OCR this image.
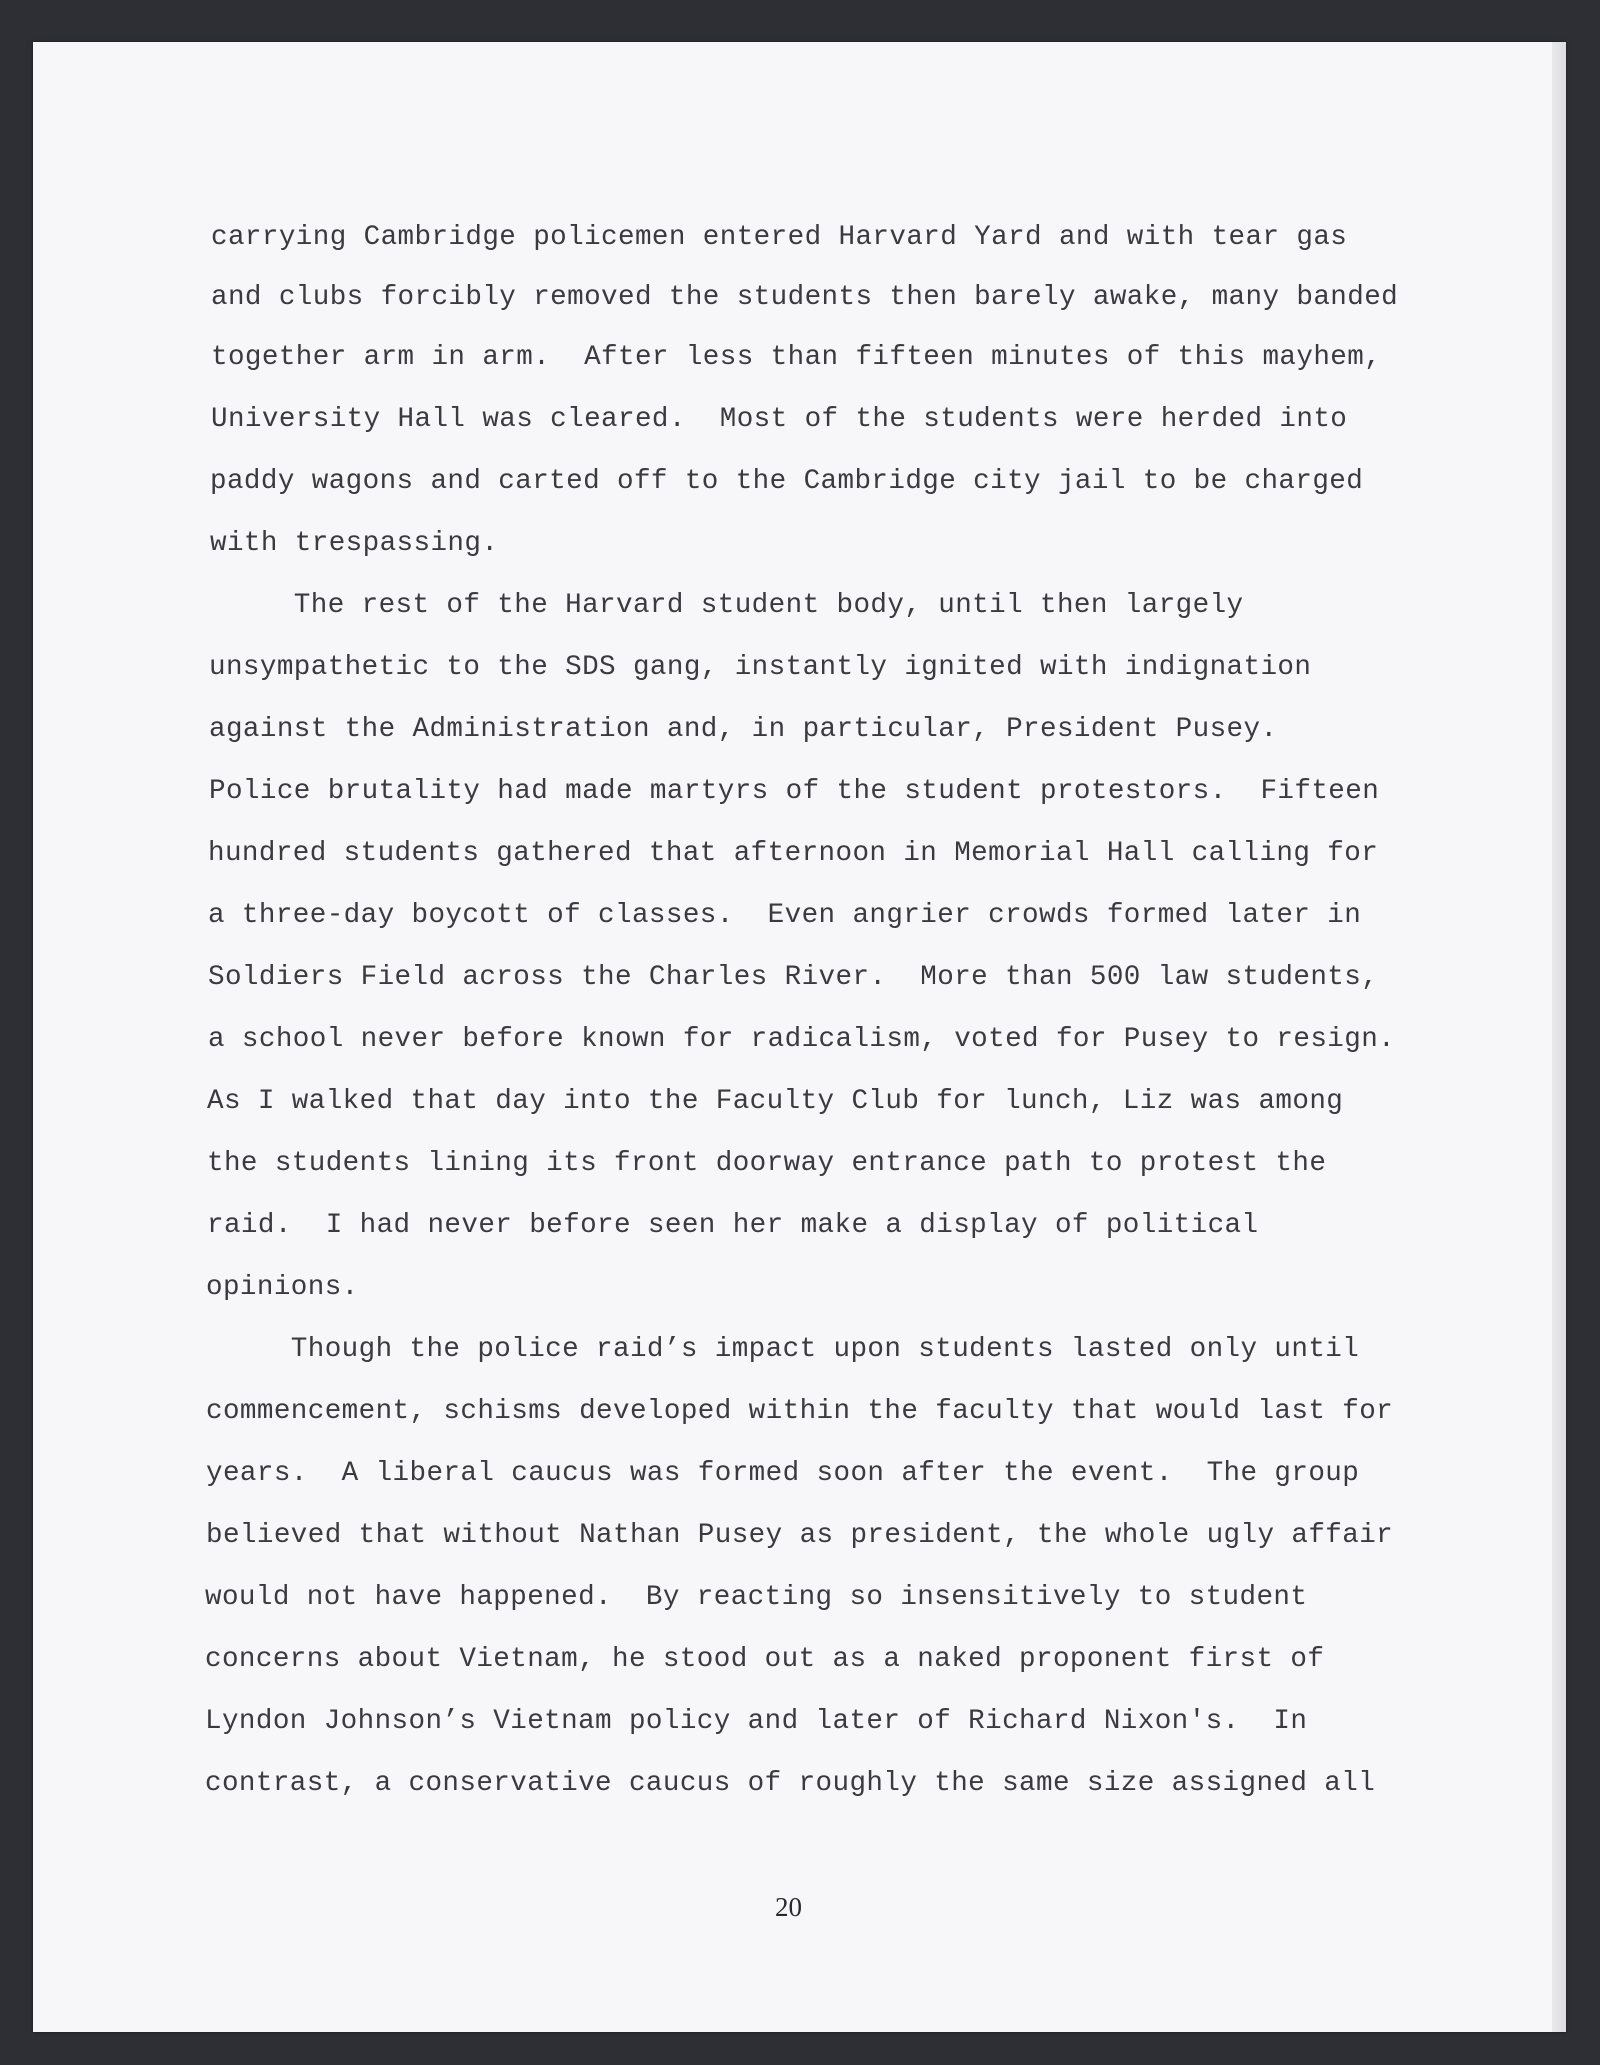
carrying Cambridge policemen entered Harvard Yard and with tear gas
and clubs forcibly removed the students then barely awake, many banded
together arm in arm.  After less than fifteen minutes of this mayhem,
University Hall was cleared.  Most of the students were herded into
paddy wagons and carted off to the Cambridge city jail to be charged
with trespassing.
The rest of the Harvard student body, until then largely
unsympathetic to the SDS gang, instantly ignited with indignation
against the Administration and, in particular, President Pusey.
Police brutality had made martyrs of the student protestors.  Fifteen
hundred students gathered that afternoon in Memorial Hall calling for
a three-day boycott of classes.  Even angrier crowds formed later in
Soldiers Field across the Charles River.  More than 500 law students,
a school never before known for radicalism, voted for Pusey to resign.
As I walked that day into the Faculty Club for lunch, Liz was among
the students lining its front doorway entrance path to protest the
raid.  I had never before seen her make a display of political
opinions.
Though the police raid’s impact upon students lasted only until
commencement, schisms developed within the faculty that would last for
years.  A liberal caucus was formed soon after the event.  The group
believed that without Nathan Pusey as president, the whole ugly affair
would not have happened.  By reacting so insensitively to student
concerns about Vietnam, he stood out as a naked proponent first of
Lyndon Johnson’s Vietnam policy and later of Richard Nixon's.  In
contrast, a conservative caucus of roughly the same size assigned all
20
